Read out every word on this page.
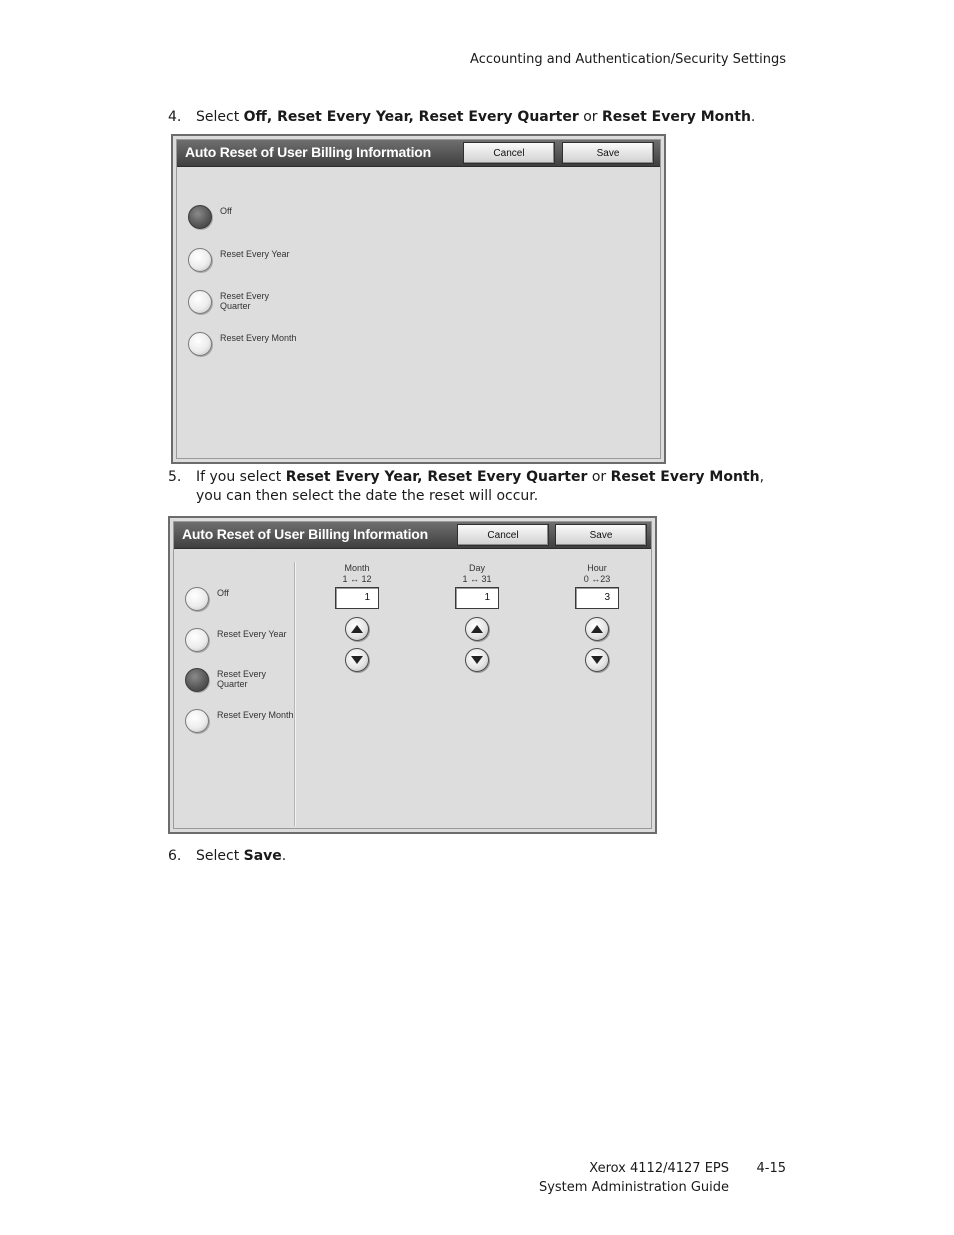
Accounting and Authentication/Security Settings
4. Select Off, Reset Every Year, Reset Every Quarter or Reset Every Month.
Auto Reset of User Billing Information	Cancel	Save
Off
Reset Every Year
Reset Every Quarter
Reset Every Month
5. If you select Reset Every Year, Reset Every Quarter or Reset Every Month, you can then select the date the reset will occur.
Auto Reset of User Billing Information	Cancel	Save
Off
Reset Every Year
Reset Every Quarter
Reset Every Month
Month
1 ↔ 12
1
Day
1 ↔ 31
1
Hour
0 ↔23
3
6. Select Save.
Xerox 4112/4127 EPS
System Administration Guide
4-15
